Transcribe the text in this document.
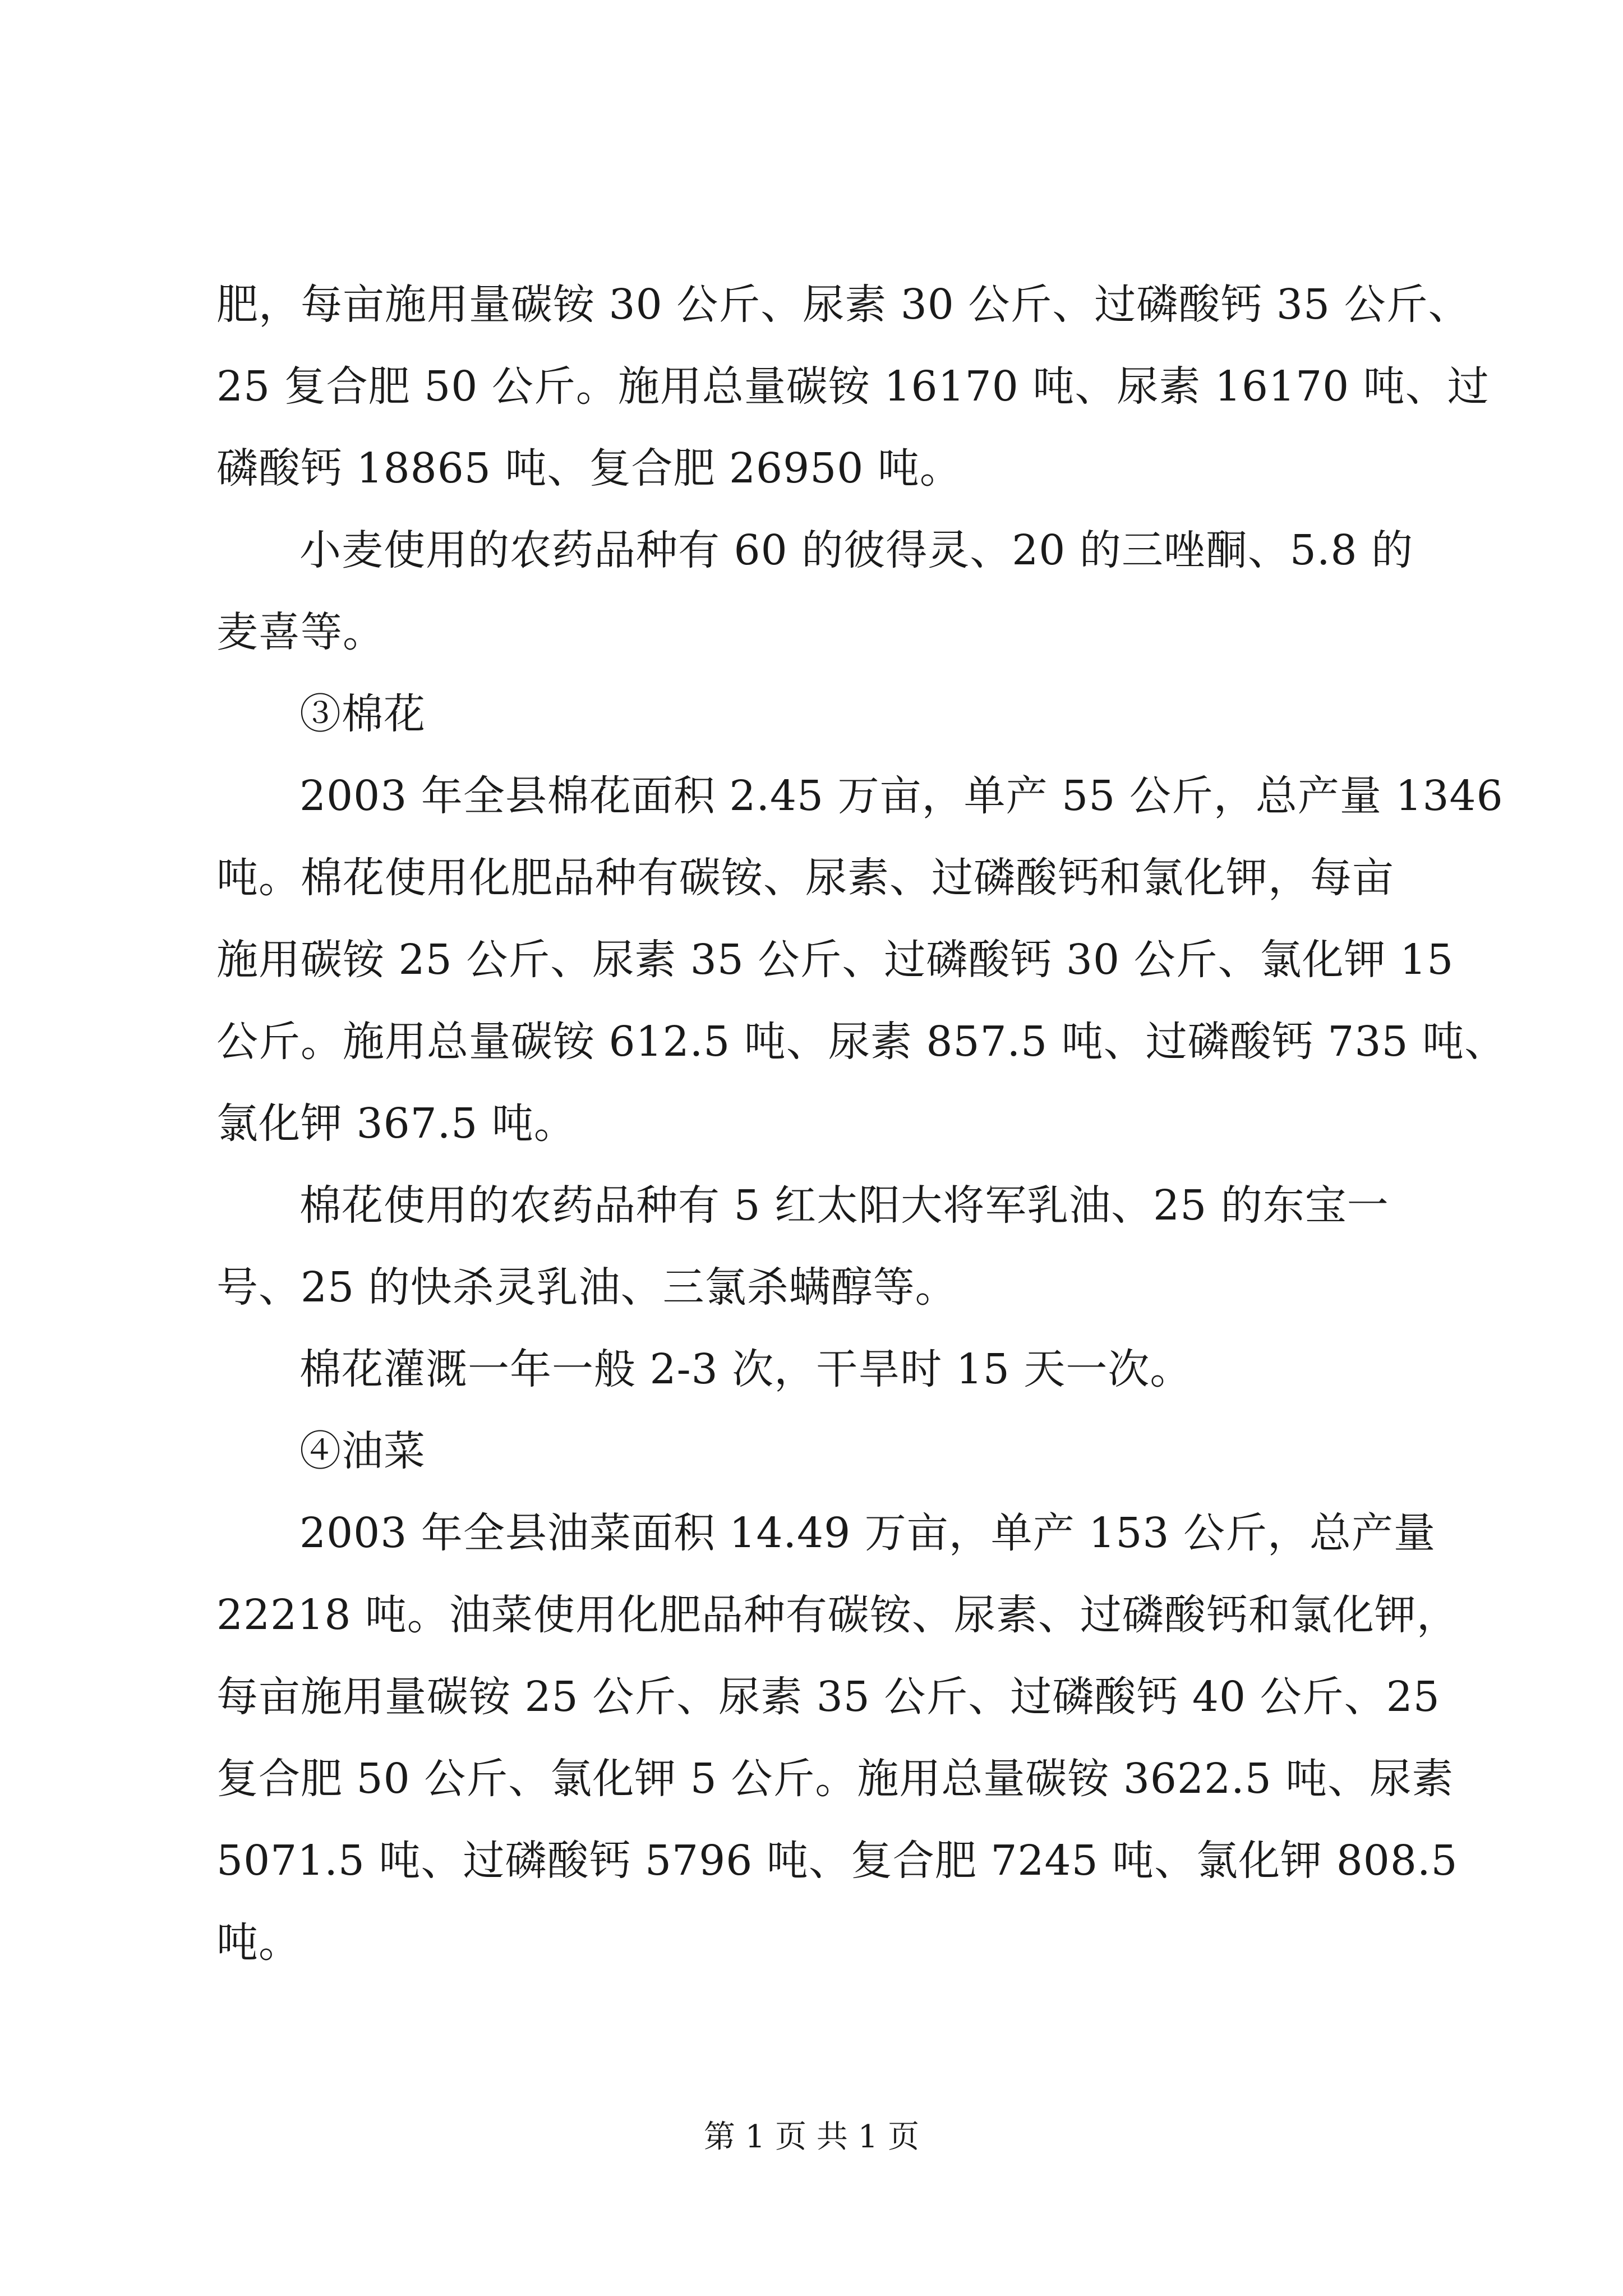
肥，每亩施用量碳铵 30 公斤、尿素 30 公斤、过磷酸钙 35 公斤、
25 复合肥 50 公斤。施用总量碳铵 16170 吨、尿素 16170 吨、过
磷酸钙 18865 吨、复合肥 26950 吨。
小麦使用的农药品种有 60 的彼得灵、20 的三唑酮、5.8 的
麦喜等。
③棉花
2003 年全县棉花面积 2.45 万亩，单产 55 公斤，总产量 1346
吨。棉花使用化肥品种有碳铵、尿素、过磷酸钙和氯化钾，每亩
施用碳铵 25 公斤、尿素 35 公斤、过磷酸钙 30 公斤、氯化钾 15
公斤。施用总量碳铵 612.5 吨、尿素 857.5 吨、过磷酸钙 735 吨、
氯化钾 367.5 吨。
棉花使用的农药品种有 5 红太阳大将军乳油、25 的东宝一
号、25 的快杀灵乳油、三氯杀螨醇等。
棉花灌溉一年一般 2-3 次，干旱时 15 天一次。
④油菜
2003 年全县油菜面积 14.49 万亩，单产 153 公斤，总产量
22218 吨。油菜使用化肥品种有碳铵、尿素、过磷酸钙和氯化钾，
每亩施用量碳铵 25 公斤、尿素 35 公斤、过磷酸钙 40 公斤、25
复合肥 50 公斤、氯化钾 5 公斤。施用总量碳铵 3622.5 吨、尿素
5071.5 吨、过磷酸钙 5796 吨、复合肥 7245 吨、氯化钾 808.5
吨。
第 1 页 共 1 页
